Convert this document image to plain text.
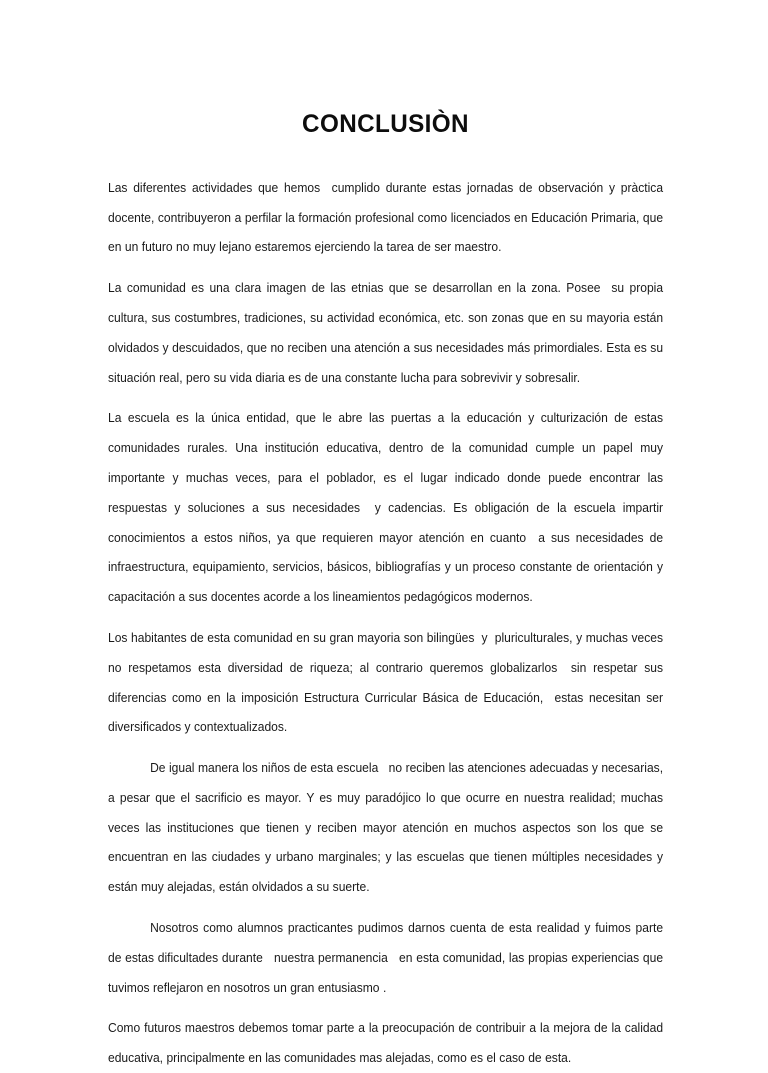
CONCLUSIÒN

Las diferentes actividades que hemos  cumplido durante estas jornadas de observación y pràctica docente, contribuyeron a perfilar la formación profesional como licenciados en Educación Primaria, que en un futuro no muy lejano estaremos ejerciendo la tarea de ser maestro.

La comunidad es una clara imagen de las etnias que se desarrollan en la zona. Posee  su propia cultura, sus costumbres, tradiciones, su actividad económica, etc. son zonas que en su mayoria están olvidados y descuidados, que no reciben una atención a sus necesidades más primordiales. Esta es su situación real, pero su vida diaria es de una constante lucha para sobrevivir y sobresalir.

La escuela es la única entidad, que le abre las puertas a la educación y culturización de estas comunidades rurales. Una institución educativa, dentro de la comunidad cumple un papel muy importante y muchas veces, para el poblador, es el lugar indicado donde puede encontrar las respuestas y soluciones a sus necesidades  y cadencias. Es obligación de la escuela impartir conocimientos a estos niños, ya que requieren mayor atención en cuanto  a sus necesidades de infraestructura, equipamiento, servicios, básicos, bibliografías y un proceso constante de orientación y capacitación a sus docentes acorde a los lineamientos pedagógicos modernos.

Los habitantes de esta comunidad en su gran mayoria son bilingües  y  pluriculturales, y muchas veces no respetamos esta diversidad de riqueza; al contrario queremos globalizarlos  sin respetar sus diferencias como en la imposición Estructura Curricular Básica de Educación,  estas necesitan ser diversificados y contextualizados.

De igual manera los niños de esta escuela   no reciben las atenciones adecuadas y necesarias, a pesar que el sacrificio es mayor. Y es muy paradójico lo que ocurre en nuestra realidad; muchas veces las instituciones que tienen y reciben mayor atención en muchos aspectos son los que se encuentran en las ciudades y urbano marginales; y las escuelas que tienen múltiples necesidades y están muy alejadas, están olvidados a su suerte.

Nosotros como alumnos practicantes pudimos darnos cuenta de esta realidad y fuimos parte de estas dificultades durante   nuestra permanencia   en esta comunidad, las propias experiencias que tuvimos reflejaron en nosotros un gran entusiasmo .

Como futuros maestros debemos tomar parte a la preocupación de contribuir a la mejora de la calidad educativa, principalmente en las comunidades mas alejadas, como es el caso de esta.
